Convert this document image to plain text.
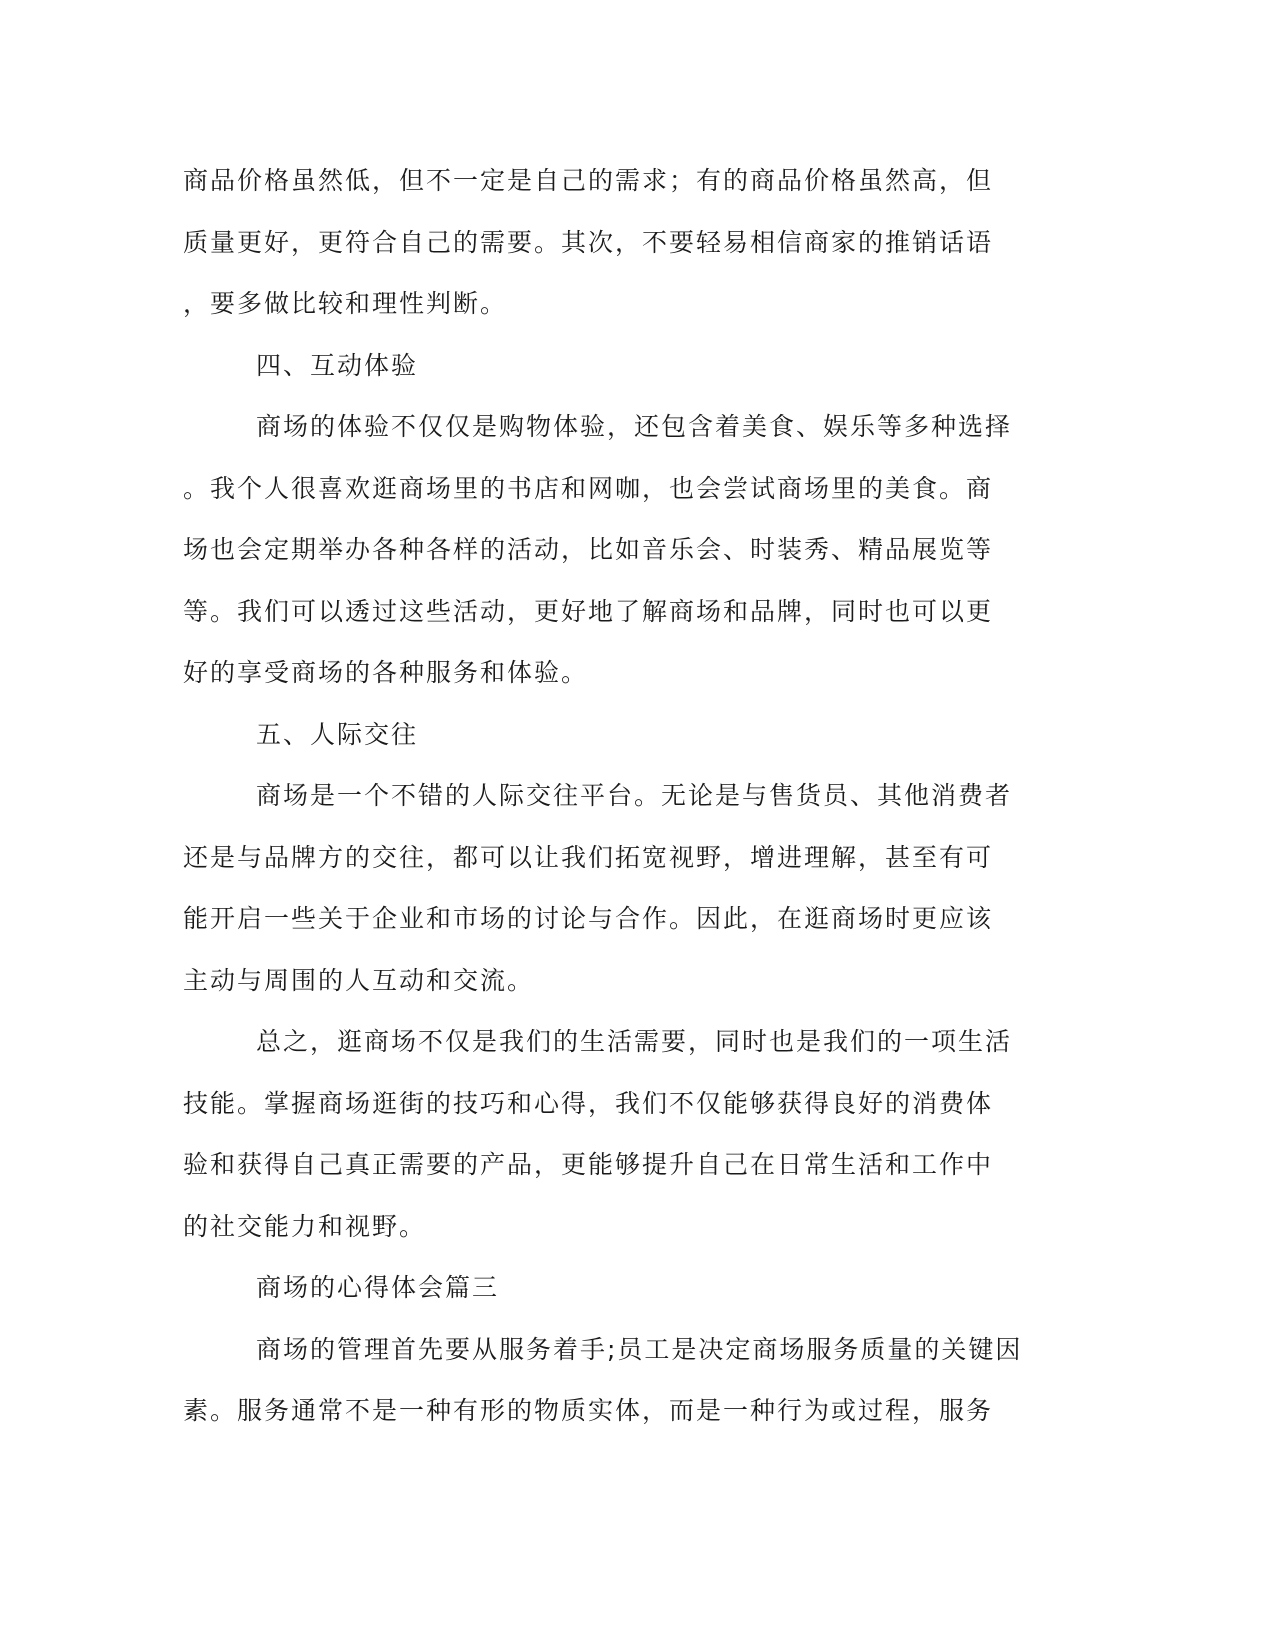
商品价格虽然低，但不一定是自己的需求；有的商品价格虽然高，但
质量更好，更符合自己的需要。其次，不要轻易相信商家的推销话语
，要多做比较和理性判断。
四、互动体验
商场的体验不仅仅是购物体验，还包含着美食、娱乐等多种选择
。我个人很喜欢逛商场里的书店和网咖，也会尝试商场里的美食。商
场也会定期举办各种各样的活动，比如音乐会、时装秀、精品展览等
等。我们可以透过这些活动，更好地了解商场和品牌，同时也可以更
好的享受商场的各种服务和体验。
五、人际交往
商场是一个不错的人际交往平台。无论是与售货员、其他消费者
还是与品牌方的交往，都可以让我们拓宽视野，增进理解，甚至有可
能开启一些关于企业和市场的讨论与合作。因此，在逛商场时更应该
主动与周围的人互动和交流。
总之，逛商场不仅是我们的生活需要，同时也是我们的一项生活
技能。掌握商场逛街的技巧和心得，我们不仅能够获得良好的消费体
验和获得自己真正需要的产品，更能够提升自己在日常生活和工作中
的社交能力和视野。
商场的心得体会篇三
商场的管理首先要从服务着手;员工是决定商场服务质量的关键因
素。服务通常不是一种有形的物质实体，而是一种行为或过程，服务
